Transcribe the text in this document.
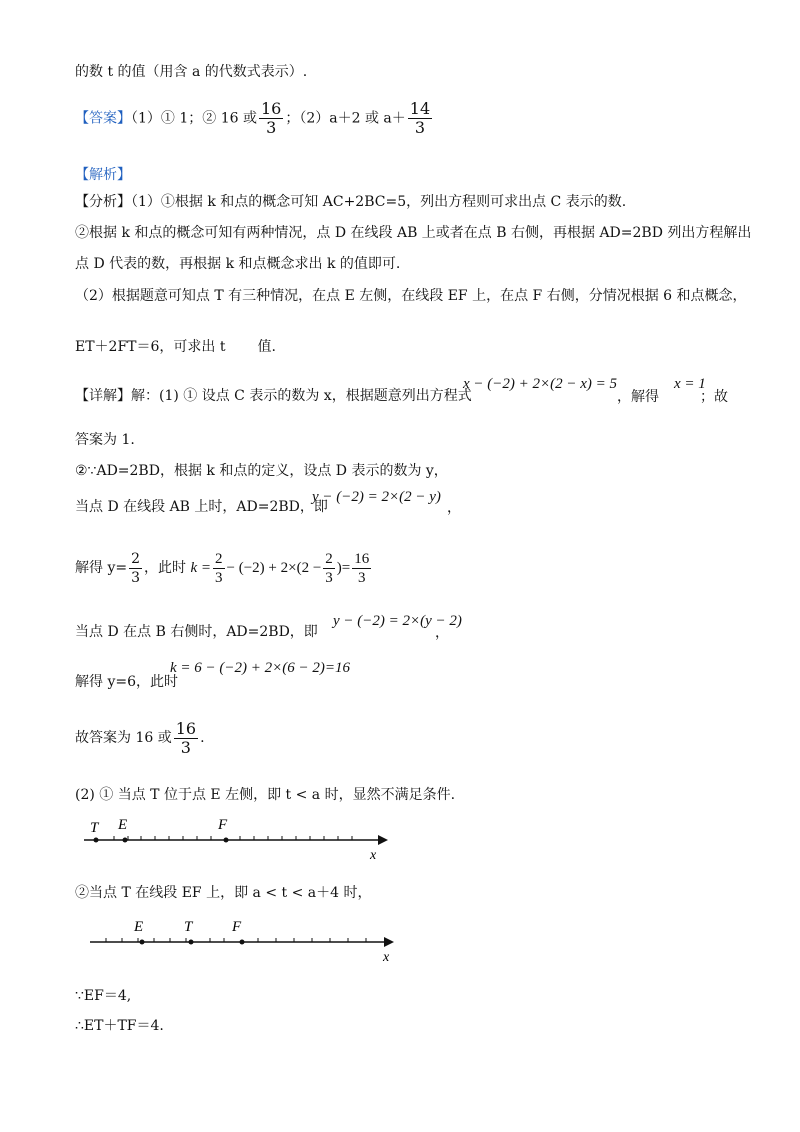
的数 t 的值（用含 a 的代数式表示）.
【答案】（1）① 1；② 16 或 $\frac{16}{3}$ ；（2）a＋2 或 $a+ \frac{14}{3}$
【解析】
【分析】（1）①根据 k 和点的概念可知 AC+2BC=5，列出方程则可求出点 C 表示的数.
②根据 k 和点的概念可知有两种情况，点 D 在线段 AB 上或者在点 B 右侧，再根据 AD=2BD 列出方程解出
点 D 代表的数，再根据 k 和点概念求出 k 的值即可.
（2）根据题意可知点 T 有三种情况，在点 E 左侧，在线段 EF 上，在点 F 右侧，分情况根据 6 和点概念，
ET＋2FT＝6，可求出 t 值.
【详解】解：(1) ① 设点 C 表示的数为 x，根据题意列出方程式
x − (−2) + 2×(2 − x) = 5
，解得
x = 1
；故
答案为 1.
②∵AD=2BD，根据 k 和点的定义，设点 D 表示的数为 y，
当点 D 在线段 AB 上时，AD=2BD，即
y − (−2) = 2×(2 − y)
，
解得 $y= \frac{2}{3}$ ，此时 $k = \frac{2}{3} - (-2) + 2\times(2 - \frac{2}{3}$ )= $\frac{16}{3}$
当点 D 在点 B 右侧时，AD=2BD，即
y − (−2) = 2×(y − 2)
，
解得 y=6，此时
k = 6 − (−2) + 2×(6 − 2)=16
故答案为 16 或 $\frac{16}{3}$ .
(2) ① 当点 T 位于点 E 左侧，即 t < a 时，显然不满足条件.
T E	F
x
②当点 T 在线段 EF 上，即 a < t < a＋4 时，
E	T	F
x
∵EF＝4,
∴ET＋TF＝4.
